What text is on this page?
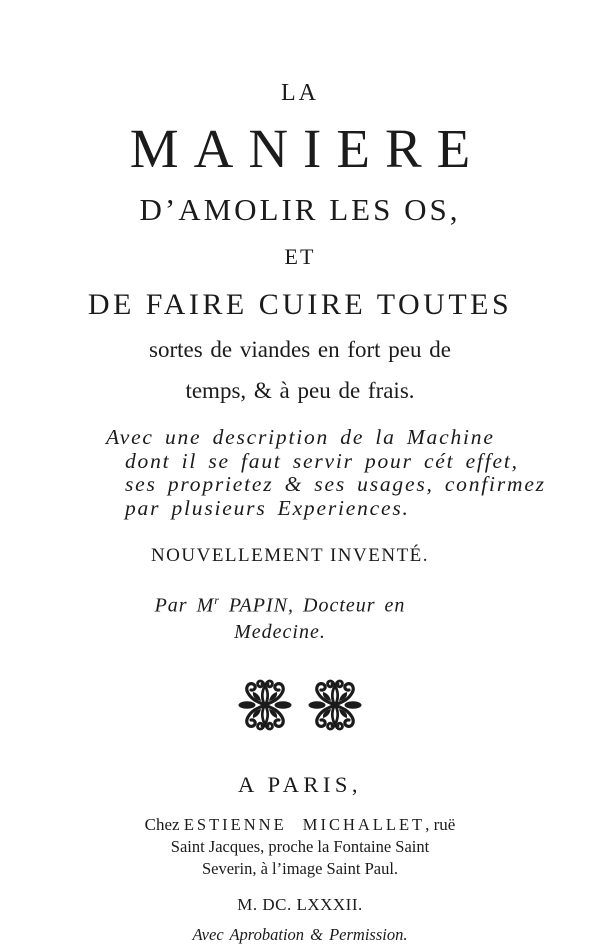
LA
MANIERE
D’AMOLIR LES OS,
ET
DE FAIRE CUIRE TOUTES
sortes de viandes en fort peu de
temps, & à peu de frais.
Avec une description de la Machine
dont il se faut servir pour cét effet,
ses proprietez & ses usages, confirmez
par plusieurs Experiences.
NOUVELLEMENT INVENTÉ.
Par $M^r$ PAPIN, Docteur en
Medecine.
A PARIS,
Chez ESTIENNE MICHALLET, ruë
Saint Jacques, proche la Fontaine Saint
Severin, à l’image Saint Paul.
M. DC. LXXXII.
Avec Aprobation & Permission.
